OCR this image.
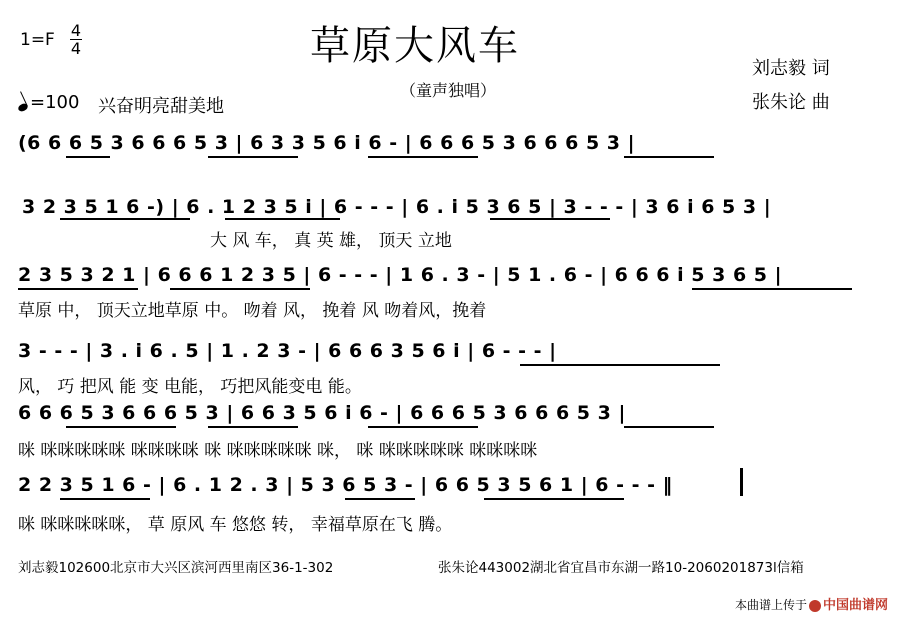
草原大风车
（童声独唱）
1=F 4
4
=100 兴奋明亮甜美地
刘志毅 词
张朱论 曲
(6 6 6 5 3 6 6 6 5 3 | 6 3 3 5 6 i 6 - | 6 6 6 5 3 6 6 6 5 3 |
3 2 3 5 1 6 -) | 6 . 1 2 3 5 i | 6 - - - | 6 . i 5 3 6 5 | 3 - - - | 3 6 i 6 5 3 |
大 风 车， 真 英 雄， 顶天 立地
2 3 5 3 2 1 | 6 6 6 1 2 3 5 | 6 - - - | 1 6 . 3 - | 5 1 . 6 - | 6 6 6 i 5 3 6 5 |
草原 中， 顶天立地草原 中。 吻着 风， 挽着 风 吻着风，挽着
3 - - - | 3 . i 6 . 5 | 1 . 2 3 - | 6 6 6 3 5 6 i | 6 - - - |
风， 巧 把风 能 变 电能， 巧把风能变电 能。
6 6 6 5 3 6 6 6 5 3 | 6 6 3 5 6 i 6 - | 6 6 6 5 3 6 6 6 5 3 |
咪 咪咪咪咪咪 咪咪咪咪 咪 咪咪咪咪咪 咪， 咪 咪咪咪咪咪 咪咪咪咪
2 2 3 5 1 6 - | 6 . 1 2 . 3 | 5 3 6 5 3 - | 6 6 5 3 5 6 1 | 6 - - - ‖
咪 咪咪咪咪咪， 草 原风 车 悠悠 转， 幸福草原在飞 腾。
刘志毅102600北京市大兴区滨河西里南区36-1-302	张朱论443002湖北省宜昌市东湖一路10-2060201873l信箱
本曲谱上传于 中国曲谱网
